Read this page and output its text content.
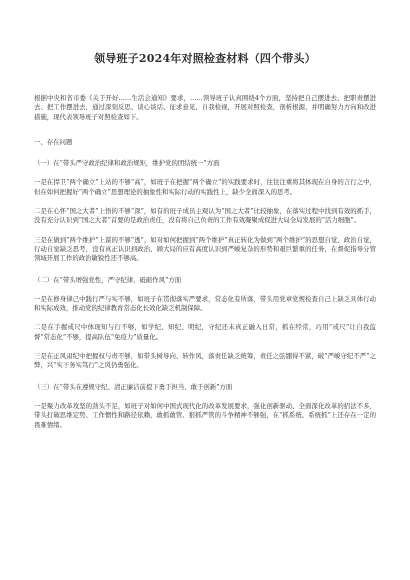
领导班子2024年对照检查材料（四个带头）

根据中央和省市委《关于开好……生活会通知》要求，……领导班子认真围绕4个方面，坚持把自己摆进去、把职责摆进去、把工作摆进去，通过深刻反思、谈心谈话、征求意见、自我检视，开展对照检查，剖析根源，并明确努力方向和改进措施，现代表领导班子对照检查如下。

一、存在问题

（一）在“带头严守政治纪律和政治规矩，维护党的团结统一”方面

一是在捍卫“两个确立”上站的不够“高”，如班子在把握“两个确立”的实践要求时，往往注重将其体现在自身的言行之中，但在如何把握好“两个确立”思想理论的抽象性和实际行动的实践性上，缺少全面深入的思考。

二是在心怀“国之大者”上悟的不够“深”，如有的班子成员主观认为“国之大者”比较抽象，在落实过程中找到有效的抓手，没有充分认识到“国之大者”首要的是政治责任，没有将自己负责的工作有效凝聚成促进大局全局发展的“活力细胞”。

三是在做到“两个维护”上谋的不够“透”，如对如何把握到“两个维护”真正转化为做到“两个维护”的思想自觉、政治自觉，行动自觉缺乏思考，没有真正认识到政治、顾大局的应有高度认识到严峻复杂的形势和艰巨繁重的任务，在督促指导分管领域开展工作的政治敏锐性还不够高。

（二）在“带头增强党性，严守纪律，砥砺作风”方面

一是在修身律己中践行严与实不够，如班子在贯彻落实严要求，常态化有所落，带头用党章党规检查自己上缺乏具体行动和实际成效，推动党的纪律教育常态化长效化缺乏机制保障。

二是在手握戒尺中体现知与行不够，如学纪、知纪、明纪，守纪还未真正融入日常，抓在经常，巧用“戒尺”让自我监督“常态化”不够，提高队伍“免疫力”质量化。

三是在正风肃纪中把握权与责不够，如带头树导向、转作风，落责任缺乏统筹，责任之弦绷得不紧，破“严峻守纪不严”之弊，兴“实干务实笃行”之风仍勇强化。

（三）在“带头在遵规守纪、清正廉洁前提下勇于担当、敢于创新”方面

一是聚力改革攻坚的劲头不足，如班子对如何中国式现代化的改革发展要求，强化创新驱动、全面深化改革的招法不多，带头打破思维定势、工作惯性和路径依赖，敢抓敢管、狠抓严管的斗争精神不够强，在“抓系统、系统抓”上还存在一定的畏难情绪。
